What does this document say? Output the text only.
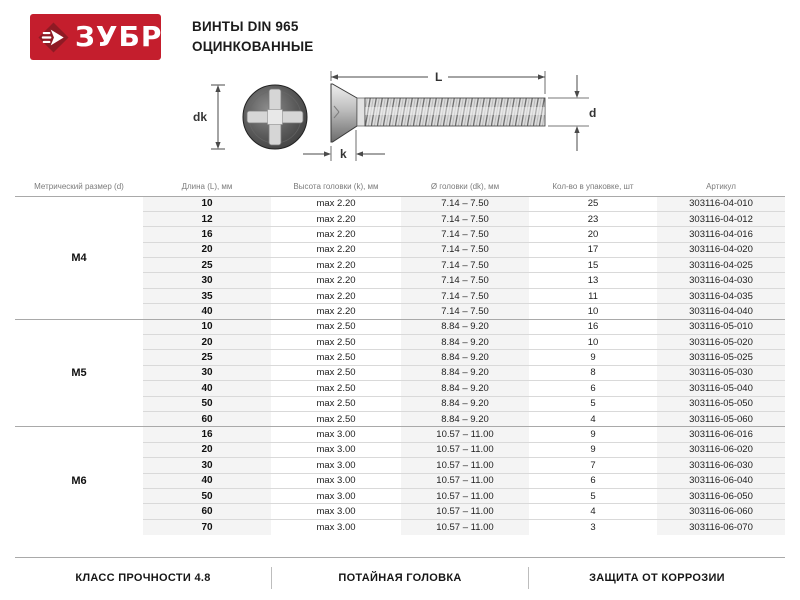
ЗУБР ВИНТЫ DIN 965
ОЦИНКОВАННЫЕ
dk
L
d
k
Метрический размер (d)	Длина (L), мм	Высота головки (k), мм	Ø головки (dk), мм	Кол-во в упаковке, шт	Артикул
M4	10	max 2.20	7.14 – 7.50	25	303116-04-010
	12	max 2.20	7.14 – 7.50	23	303116-04-012
	16	max 2.20	7.14 – 7.50	20	303116-04-016
	20	max 2.20	7.14 – 7.50	17	303116-04-020
	25	max 2.20	7.14 – 7.50	15	303116-04-025
	30	max 2.20	7.14 – 7.50	13	303116-04-030
	35	max 2.20	7.14 – 7.50	11	303116-04-035
	40	max 2.20	7.14 – 7.50	10	303116-04-040
M5	10	max 2.50	8.84 – 9.20	16	303116-05-010
	20	max 2.50	8.84 – 9.20	10	303116-05-020
	25	max 2.50	8.84 – 9.20	9	303116-05-025
	30	max 2.50	8.84 – 9.20	8	303116-05-030
	40	max 2.50	8.84 – 9.20	6	303116-05-040
	50	max 2.50	8.84 – 9.20	5	303116-05-050
	60	max 2.50	8.84 – 9.20	4	303116-05-060
M6	16	max 3.00	10.57 – 11.00	9	303116-06-016
	20	max 3.00	10.57 – 11.00	9	303116-06-020
	30	max 3.00	10.57 – 11.00	7	303116-06-030
	40	max 3.00	10.57 – 11.00	6	303116-06-040
	50	max 3.00	10.57 – 11.00	5	303116-06-050
	60	max 3.00	10.57 – 11.00	4	303116-06-060
	70	max 3.00	10.57 – 11.00	3	303116-06-070
КЛАСС ПРОЧНОСТИ 4.8	ПОТАЙНАЯ ГОЛОВКА	ЗАЩИТА ОТ КОРРОЗИИ
